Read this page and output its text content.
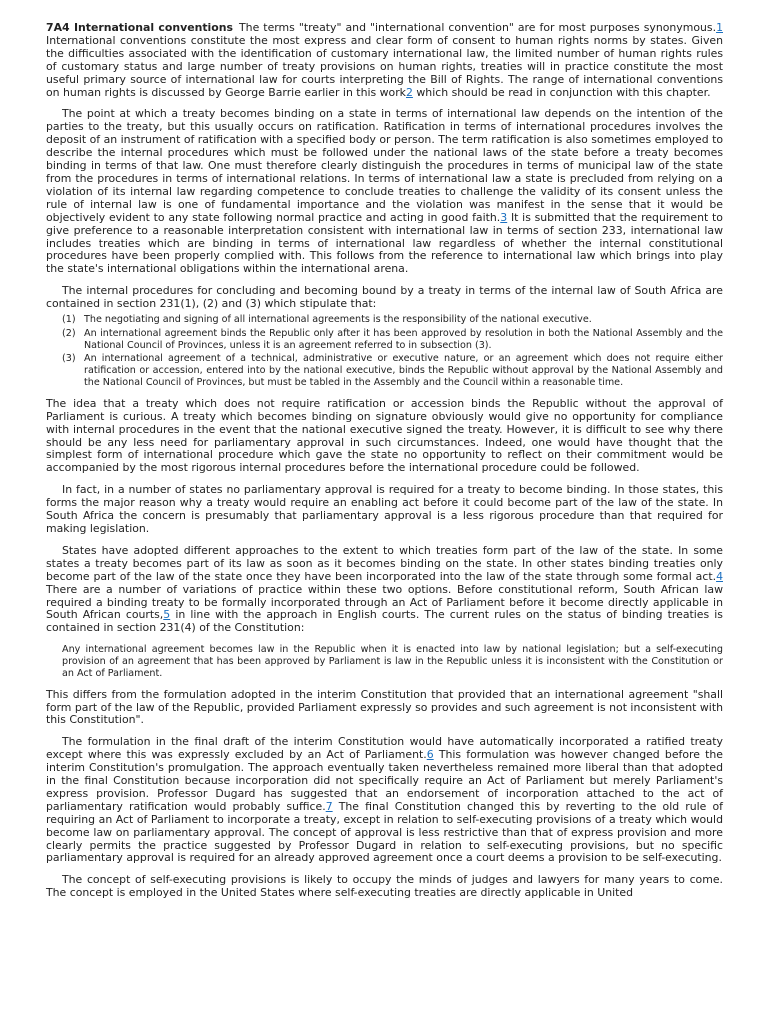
7A4 International conventions The terms "treaty" and "international convention" are for most purposes synonymous.1 International conventions constitute the most express and clear form of consent to human rights norms by states. Given the difficulties associated with the identification of customary international law, the limited number of human rights rules of customary status and large number of treaty provisions on human rights, treaties will in practice constitute the most useful primary source of international law for courts interpreting the Bill of Rights. The range of international conventions on human rights is discussed by George Barrie earlier in this work2 which should be read in conjunction with this chapter.

The point at which a treaty becomes binding on a state in terms of international law depends on the intention of the parties to the treaty, but this usually occurs on ratification. Ratification in terms of international procedures involves the deposit of an instrument of ratification with a specified body or person. The term ratification is also sometimes employed to describe the internal procedures which must be followed under the national laws of the state before a treaty becomes binding in terms of that law. One must therefore clearly distinguish the procedures in terms of municipal law of the state from the procedures in terms of international relations. In terms of international law a state is precluded from relying on a violation of its internal law regarding competence to conclude treaties to challenge the validity of its consent unless the rule of internal law is one of fundamental importance and the violation was manifest in the sense that it would be objectively evident to any state following normal practice and acting in good faith.3 It is submitted that the requirement to give preference to a reasonable interpretation consistent with international law in terms of section 233, international law includes treaties which are binding in terms of international law regardless of whether the internal constitutional procedures have been properly complied with. This follows from the reference to international law which brings into play the state's international obligations within the international arena.

The internal procedures for concluding and becoming bound by a treaty in terms of the internal law of South Africa are contained in section 231(1), (2) and (3) which stipulate that:

(1) The negotiating and signing of all international agreements is the responsibility of the national executive.
(2) An international agreement binds the Republic only after it has been approved by resolution in both the National Assembly and the National Council of Provinces, unless it is an agreement referred to in subsection (3).
(3) An international agreement of a technical, administrative or executive nature, or an agreement which does not require either ratification or accession, entered into by the national executive, binds the Republic without approval by the National Assembly and the National Council of Provinces, but must be tabled in the Assembly and the Council within a reasonable time.

The idea that a treaty which does not require ratification or accession binds the Republic without the approval of Parliament is curious. A treaty which becomes binding on signature obviously would give no opportunity for compliance with internal procedures in the event that the national executive signed the treaty. However, it is difficult to see why there should be any less need for parliamentary approval in such circumstances. Indeed, one would have thought that the simplest form of international procedure which gave the state no opportunity to reflect on their commitment would be accompanied by the most rigorous internal procedures before the international procedure could be followed.

In fact, in a number of states no parliamentary approval is required for a treaty to become binding. In those states, this forms the major reason why a treaty would require an enabling act before it could become part of the law of the state. In South Africa the concern is presumably that parliamentary approval is a less rigorous procedure than that required for making legislation.

States have adopted different approaches to the extent to which treaties form part of the law of the state. In some states a treaty becomes part of its law as soon as it becomes binding on the state. In other states binding treaties only become part of the law of the state once they have been incorporated into the law of the state through some formal act.4 There are a number of variations of practice within these two options. Before constitutional reform, South African law required a binding treaty to be formally incorporated through an Act of Parliament before it become directly applicable in South African courts,5 in line with the approach in English courts. The current rules on the status of binding treaties is contained in section 231(4) of the Constitution:

Any international agreement becomes law in the Republic when it is enacted into law by national legislation; but a self-executing provision of an agreement that has been approved by Parliament is law in the Republic unless it is inconsistent with the Constitution or an Act of Parliament.

This differs from the formulation adopted in the interim Constitution that provided that an international agreement "shall form part of the law of the Republic, provided Parliament expressly so provides and such agreement is not inconsistent with this Constitution".

The formulation in the final draft of the interim Constitution would have automatically incorporated a ratified treaty except where this was expressly excluded by an Act of Parliament.6 This formulation was however changed before the interim Constitution's promulgation. The approach eventually taken nevertheless remained more liberal than that adopted in the final Constitution because incorporation did not specifically require an Act of Parliament but merely Parliament's express provision. Professor Dugard has suggested that an endorsement of incorporation attached to the act of parliamentary ratification would probably suffice.7 The final Constitution changed this by reverting to the old rule of requiring an Act of Parliament to incorporate a treaty, except in relation to self-executing provisions of a treaty which would become law on parliamentary approval. The concept of approval is less restrictive than that of express provision and more clearly permits the practice suggested by Professor Dugard in relation to self-executing provisions, but no specific parliamentary approval is required for an already approved agreement once a court deems a provision to be self-executing.

The concept of self-executing provisions is likely to occupy the minds of judges and lawyers for many years to come. The concept is employed in the United States where self-executing treaties are directly applicable in United
